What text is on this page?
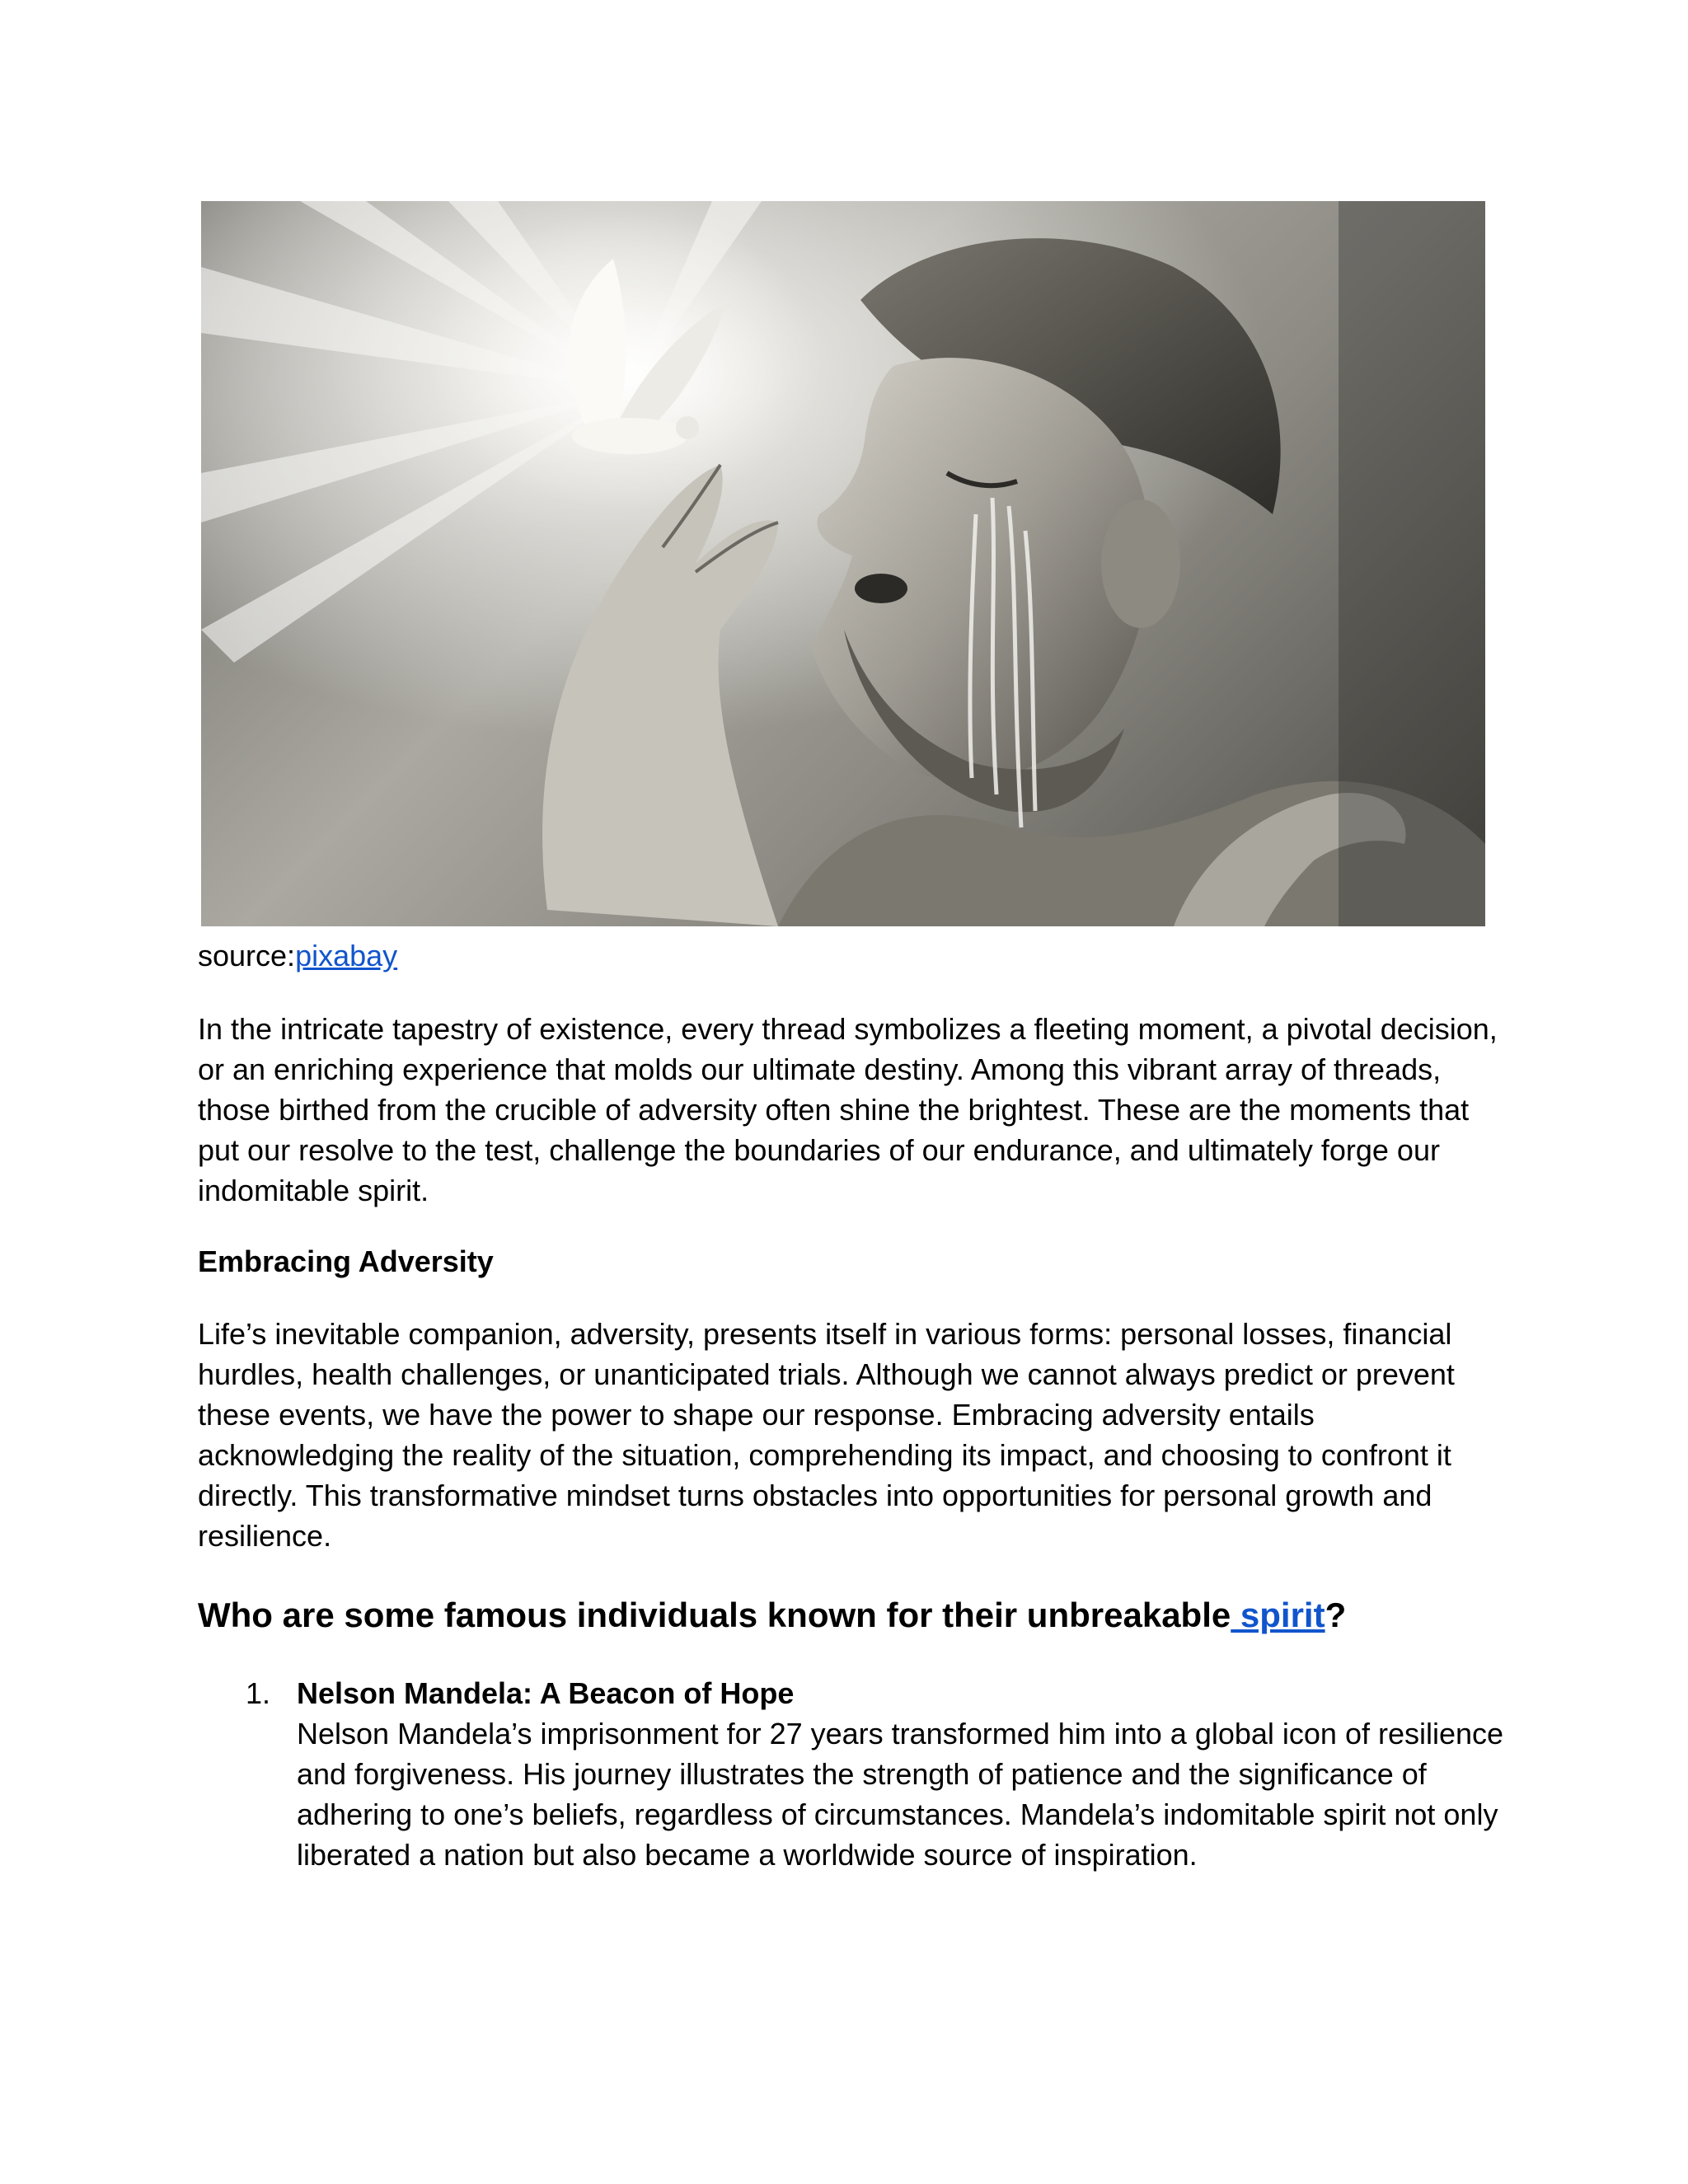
source:pixabay

In the intricate tapestry of existence, every thread symbolizes a fleeting moment, a pivotal decision, or an enriching experience that molds our ultimate destiny. Among this vibrant array of threads, those birthed from the crucible of adversity often shine the brightest. These are the moments that put our resolve to the test, challenge the boundaries of our endurance, and ultimately forge our indomitable spirit.

Embracing Adversity

Life’s inevitable companion, adversity, presents itself in various forms: personal losses, financial hurdles, health challenges, or unanticipated trials. Although we cannot always predict or prevent these events, we have the power to shape our response. Embracing adversity entails acknowledging the reality of the situation, comprehending its impact, and choosing to confront it directly. This transformative mindset turns obstacles into opportunities for personal growth and resilience.

Who are some famous individuals known for their unbreakable spirit?
1. Nelson Mandela: A Beacon of Hope
Nelson Mandela’s imprisonment for 27 years transformed him into a global icon of resilience and forgiveness. His journey illustrates the strength of patience and the significance of adhering to one’s beliefs, regardless of circumstances. Mandela’s indomitable spirit not only liberated a nation but also became a worldwide source of inspiration.
